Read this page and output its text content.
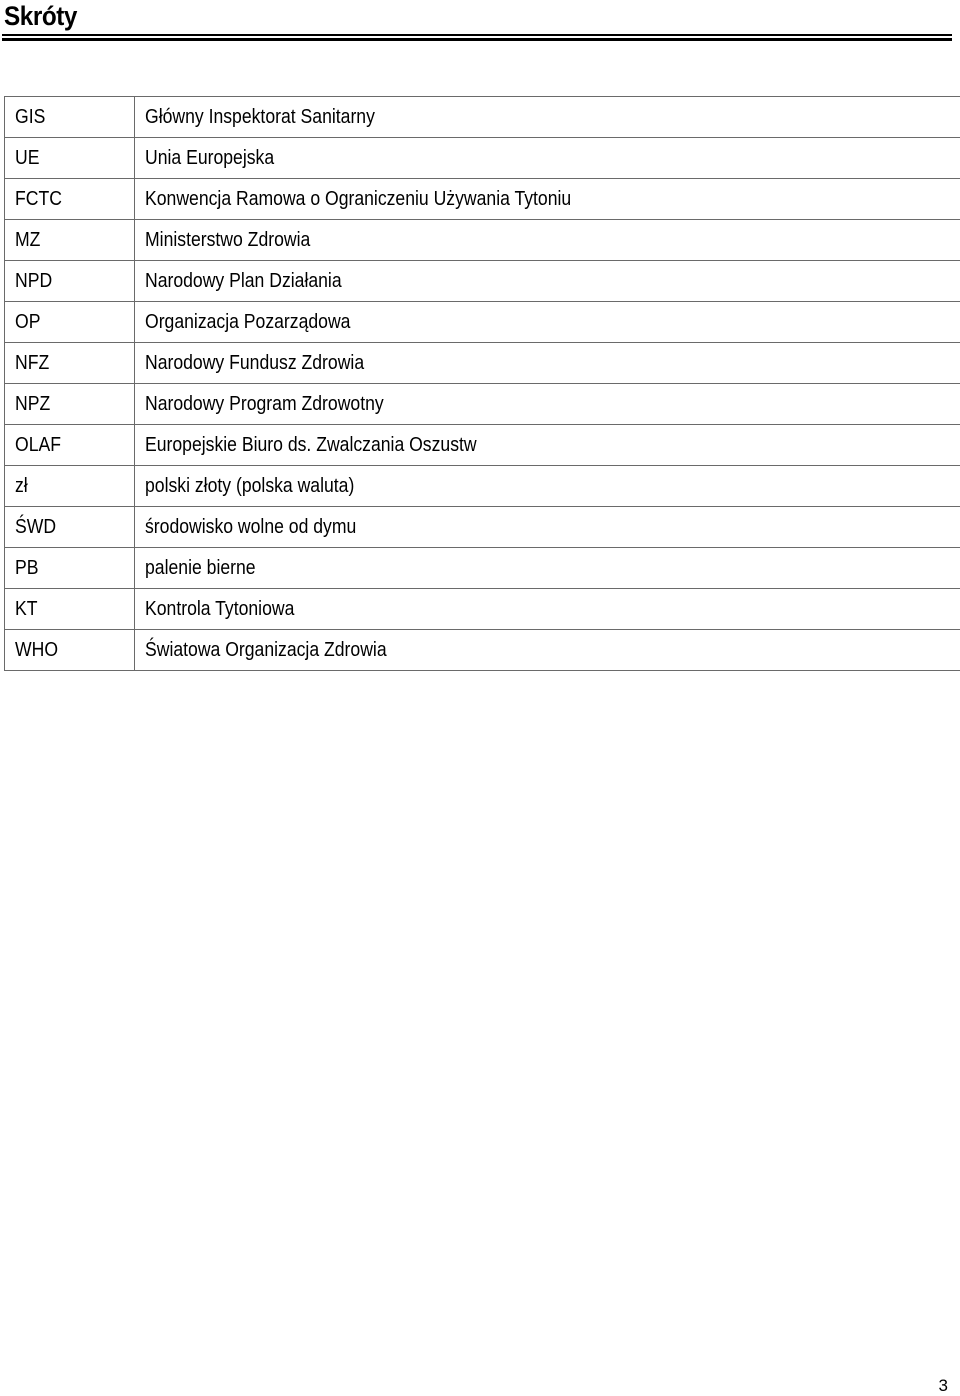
Skróty
GIS	Główny Inspektorat Sanitarny
UE	Unia Europejska
FCTC	Konwencja Ramowa o Ograniczeniu Używania Tytoniu
MZ	Ministerstwo Zdrowia
NPD	Narodowy Plan Działania
OP	Organizacja Pozarządowa
NFZ	Narodowy Fundusz Zdrowia
NPZ	Narodowy Program Zdrowotny
OLAF	Europejskie Biuro ds. Zwalczania Oszustw
zł	polski złoty (polska waluta)
ŚWD	środowisko wolne od dymu
PB	palenie bierne
KT	Kontrola Tytoniowa
WHO	Światowa Organizacja Zdrowia
3
